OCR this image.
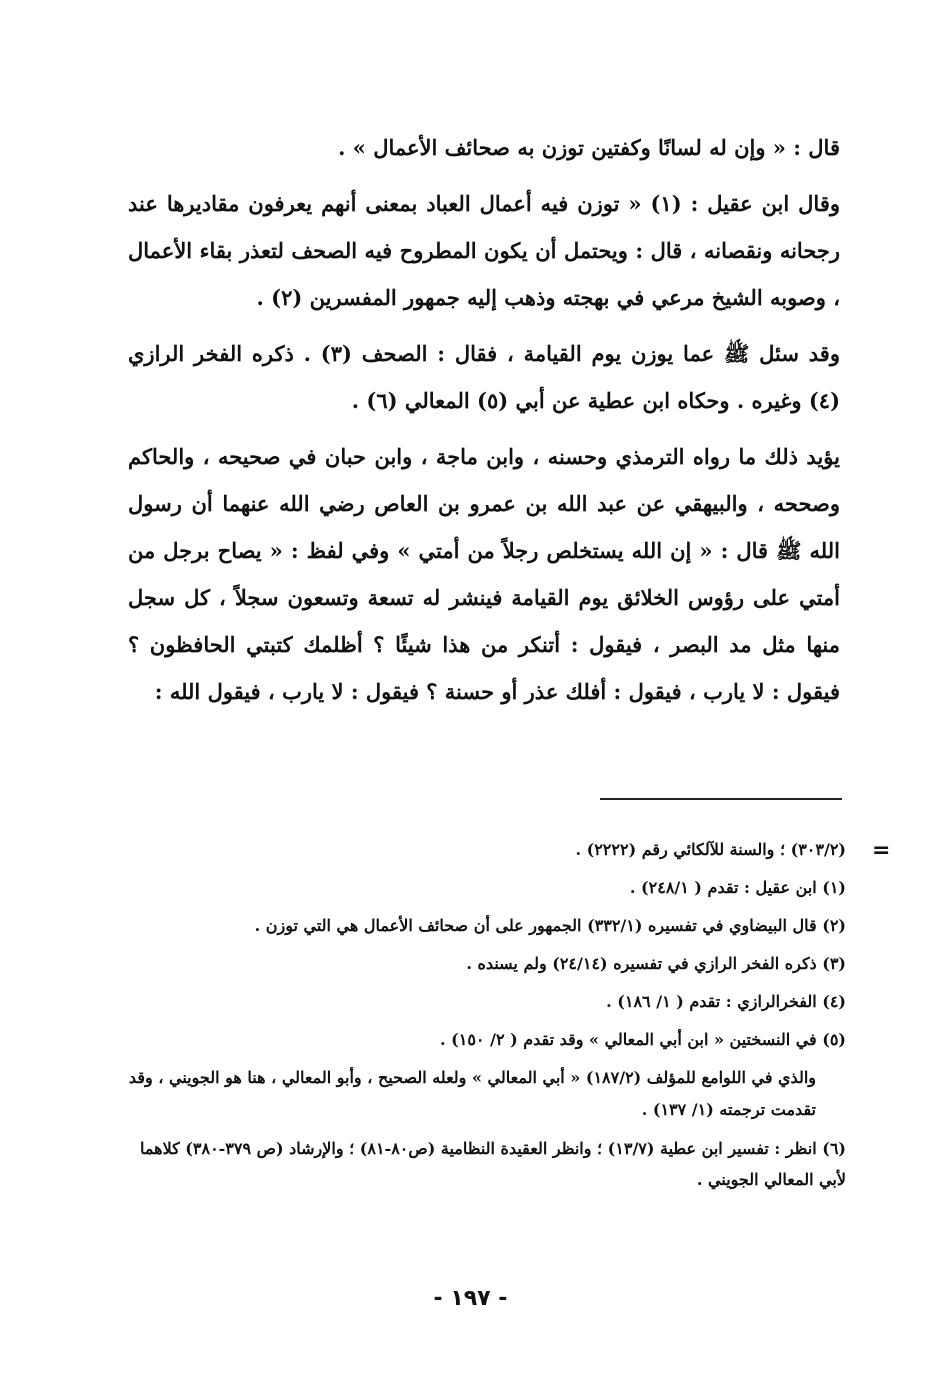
قال : « وإن له لسانًا وكفتين توزن به صحائف الأعمال » .

وقال ابن عقيل : (١) « توزن فيه أعمال العباد بمعنى أنهم يعرفون مقاديرها عند رجحانه ونقصانه ، قال : ويحتمل أن يكون المطروح فيه الصحف لتعذر بقاء الأعمال ، وصوبه الشيخ مرعي في بهجته وذهب إليه جمهور المفسرين (٢) .

وقد سئل ﷺ عما يوزن يوم القيامة ، فقال : الصحف (٣) . ذكره الفخر الرازي (٤) وغيره . وحكاه ابن عطية عن أبي (٥) المعالي (٦) .

يؤيد ذلك ما رواه الترمذي وحسنه ، وابن ماجة ، وابن حبان في صحيحه ، والحاكم وصححه ، والبيهقي عن عبد الله بن عمرو بن العاص رضي الله عنهما أن رسول الله ﷺ قال : « إن الله يستخلص رجلاً من أمتي » وفي لفظ : « يصاح برجل من أمتي على رؤوس الخلائق يوم القيامة فينشر له تسعة وتسعون سجلاً ، كل سجل منها مثل مد البصر ، فيقول : أتنكر من هذا شيئًا ؟ أظلمك كتبتي الحافظون ؟ فيقول : لا يارب ، فيقول : أفلك عذر أو حسنة ؟ فيقول : لا يارب ، فيقول الله :

=

(٣٠٣/٢) ؛ والسنة للآلكائي رقم (٢٢٢٢) .

(١) ابن عقيل : تقدم ( ٢٤٨/١) .

(٢) قال البيضاوي في تفسيره (٣٣٢/١) الجمهور على أن صحائف الأعمال هي التي توزن .

(٣) ذكره الفخر الرازي في تفسيره (٢٤/١٤) ولم يسنده .

(٤) الفخرالرازي : تقدم ( ١/ ١٨٦) .

(٥) في النسختين « ابن أبي المعالي » وقد تقدم ( ٢/ ١٥٠) .

والذي في اللوامع للمؤلف (١٨٧/٢) « أبي المعالي » ولعله الصحيح ، وأبو المعالي ، هنا هو الجويني ، وقد تقدمت ترجمته (١/ ١٣٧) .

(٦) انظر : تفسير ابن عطية (١٣/٧) ؛ وانظر العقيدة النظامية (ص٨٠-٨١) ؛ والإرشاد (ص ٣٧٩-٣٨٠) كلاهما لأبي المعالي الجويني .

- ١٩٧ -
